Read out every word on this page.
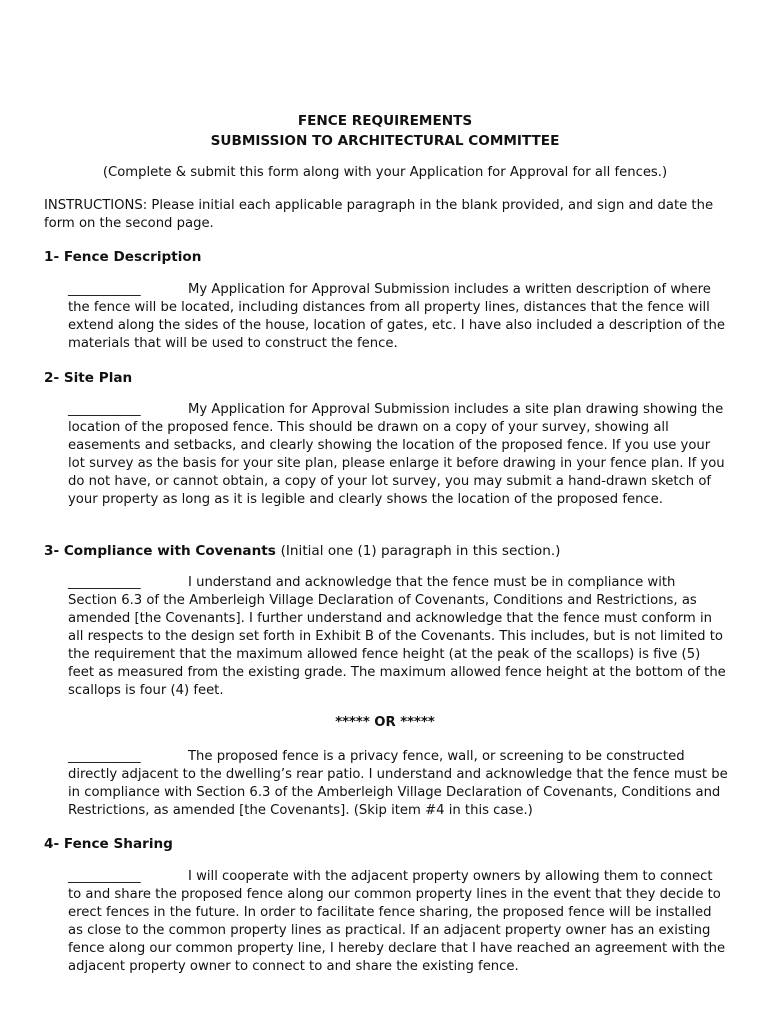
FENCE REQUIREMENTS
SUBMISSION TO ARCHITECTURAL COMMITTEE
(Complete & submit this form along with your Application for Approval for all fences.)
INSTRUCTIONS: Please initial each applicable paragraph in the blank provided, and sign and date the form on the second page.
1- Fence Description
___________	My Application for Approval Submission includes a written description of where the fence will be located, including distances from all property lines, distances that the fence will extend along the sides of the house, location of gates, etc. I have also included a description of the materials that will be used to construct the fence.
2- Site Plan
___________	My Application for Approval Submission includes a site plan drawing showing the location of the proposed fence. This should be drawn on a copy of your survey, showing all easements and setbacks, and clearly showing the location of the proposed fence. If you use your lot survey as the basis for your site plan, please enlarge it before drawing in your fence plan. If you do not have, or cannot obtain, a copy of your lot survey, you may submit a hand-drawn sketch of your property as long as it is legible and clearly shows the location of the proposed fence.
3- Compliance with Covenants (Initial one (1) paragraph in this section.)
___________	I understand and acknowledge that the fence must be in compliance with Section 6.3 of the Amberleigh Village Declaration of Covenants, Conditions and Restrictions, as amended [the Covenants]. I further understand and acknowledge that the fence must conform in all respects to the design set forth in Exhibit B of the Covenants. This includes, but is not limited to the requirement that the maximum allowed fence height (at the peak of the scallops) is five (5) feet as measured from the existing grade. The maximum allowed fence height at the bottom of the scallops is four (4) feet.
***** OR *****
___________	The proposed fence is a privacy fence, wall, or screening to be constructed directly adjacent to the dwelling’s rear patio. I understand and acknowledge that the fence must be in compliance with Section 6.3 of the Amberleigh Village Declaration of Covenants, Conditions and Restrictions, as amended [the Covenants]. (Skip item #4 in this case.)
4- Fence Sharing
___________	I will cooperate with the adjacent property owners by allowing them to connect to and share the proposed fence along our common property lines in the event that they decide to erect fences in the future. In order to facilitate fence sharing, the proposed fence will be installed as close to the common property lines as practical. If an adjacent property owner has an existing fence along our common property line, I hereby declare that I have reached an agreement with the adjacent property owner to connect to and share the existing fence.
